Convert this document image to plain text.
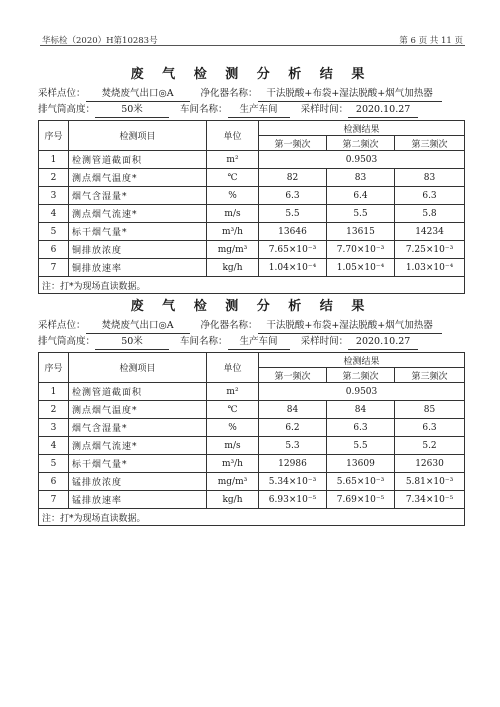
华标检（2020）H第10283号	第 6 页 共 11 页
废 气 检 测 分 析 结 果
采样点位： 焚烧废气出口◎A	净化器名称： 干法脱酸+布袋+湿法脱酸+烟气加热器
排气筒高度：	50米	车间名称： 生产车间 采样时间： 2020.10.27
序号	检测项目	单位	检测结果		
			第一频次	第二频次	第三频次
1	检测管道截面积	m²	0.9503		
2	测点烟气温度*	℃	82	83	83
3	烟气含湿量*	%	6.3	6.4	6.3
4	测点烟气流速*	m/s	5.5	5.5	5.8
5	标干烟气量*	m³/h	13646	13615	14234
6	铜排放浓度	mg/m³	7.65×10⁻³	7.70×10⁻³	7.25×10⁻³
7	铜排放速率	kg/h	1.04×10⁻⁴	1.05×10⁻⁴	1.03×10⁻⁴
注：打*为现场直读数据。					
废 气 检 测 分 析 结 果
采样点位： 焚烧废气出口◎A	净化器名称： 干法脱酸+布袋+湿法脱酸+烟气加热器
排气筒高度：	50米	车间名称： 生产车间 采样时间： 2020.10.27
序号	检测项目	单位	检测结果		
			第一频次	第二频次	第三频次
1	检测管道截面积	m²	0.9503		
2	测点烟气温度*	℃	84	84	85
3	烟气含湿量*	%	6.2	6.3	6.3
4	测点烟气流速*	m/s	5.3	5.5	5.2
5	标干烟气量*	m³/h	12986	13609	12630
6	锰排放浓度	mg/m³	5.34×10⁻³	5.65×10⁻³	5.81×10⁻³
7	锰排放速率	kg/h	6.93×10⁻⁵	7.69×10⁻⁵	7.34×10⁻⁵
注：打*为现场直读数据。					
